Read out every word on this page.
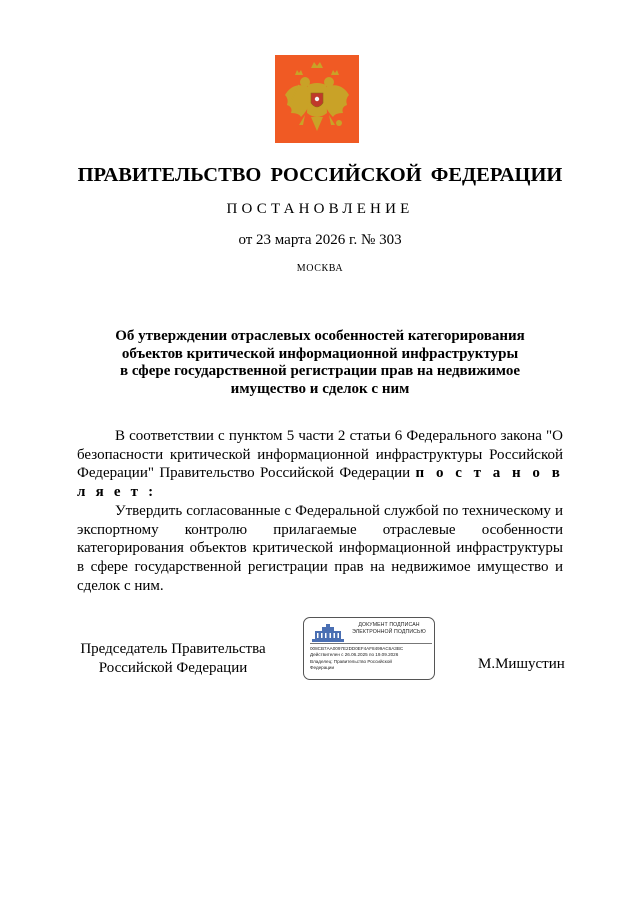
ПРАВИТЕЛЬСТВО РОССИЙСКОЙ ФЕДЕРАЦИИ
ПОСТАНОВЛЕНИЕ
от 23 марта 2026 г. № 303
МОСКВА
Об утверждении отраслевых особенностей категорирования
объектов критической информационной инфраструктуры
в сфере государственной регистрации прав на недвижимое
имущество и сделок с ним

В соответствии с пунктом 5 части 2 статьи 6 Федерального закона "О безопасности критической информационной инфраструктуры Российской Федерации" Правительство Российской Федерации п о с т а н о в л я е т :

Утвердить согласованные с Федеральной службой по техническому и экспортному контролю прилагаемые отраслевые особенности категорирования объектов критической информационной инфраструктуры в сфере государственной регистрации прав на недвижимое имущество и сделок с ним.

Председатель Правительства
Российской Федерации
ДОКУМЕНТ ПОДПИСАН
ЭЛЕКТРОННОЙ ПОДПИСЬЮ
008CB7AA0097E2DD0EF4AF8499AC6A3BC
Действителен с 26.06.2025 по 19.09.2026
Владелец: Правительство Российской
Федерации	М.Мишустин
